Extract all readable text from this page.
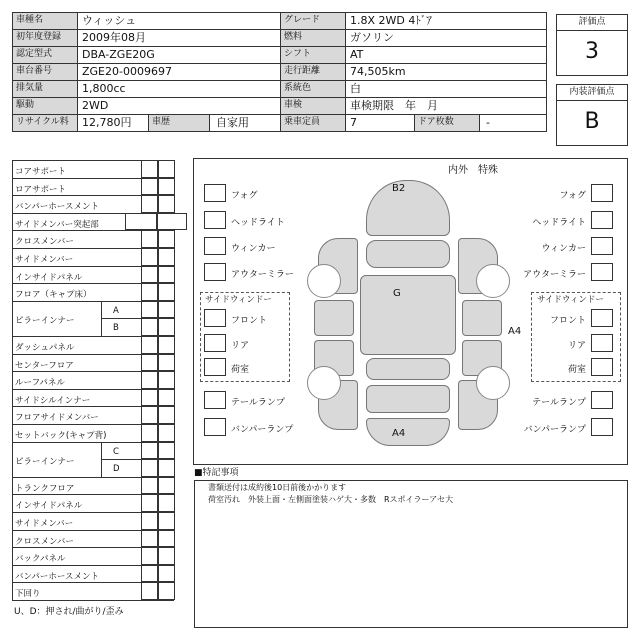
車種名	ウィッシュ	グレード	1.8X 2WD 4ﾄﾞｱ
初年度登録 2009年08月	燃料	ガソリン
認定型式	DBA-ZGE20G	シフト	AT
車台番号	ZGE20-0009697	走行距離	74,505km
排気量	1,800cc	系統色	白
駆動	2WD	車検	車検期限　年　月
リサイクル料 12,780円 車歴	自家用	乗車定員	7	ドア枚数	-
評価点
3
内装評価点
B
コアサポート
ロアサポート
バンパーホースメント
サイドメンバー突起部
クロスメンバー
サイドメンバー
インサイドパネル
フロア（キャプ床）
ピラーインナー
A
B
ダッシュパネル
センターフロア
ルーフパネル
サイドシルインナー
フロアサイドメンバー
セットバック(キャプ背)
ピラーインナー
C
D
トランクフロア
インサイドパネル
サイドメンバー
クロスメンバー
バックパネル
バンパーホースメント
下回り
U、D：押され/曲がり/歪み
内外　特殊
B2
G
A4
A4
フォグ
ヘッドライト
ウィンカー
アウターミラー
テールランプ
バンパーランプ
フォグ
ヘッドライト
ウィンカー
アウターミラー
テールランプ
バンパーランプ
サイドウィンドー
フロント
リア
荷室
サイドウィンドー
フロント
リア
荷室
■特記事項
書類送付は成約後10日前後かかります
荷室汚れ　外装上面・左側面塗装ハゲ大・多数　Rスポイラーアセ大
